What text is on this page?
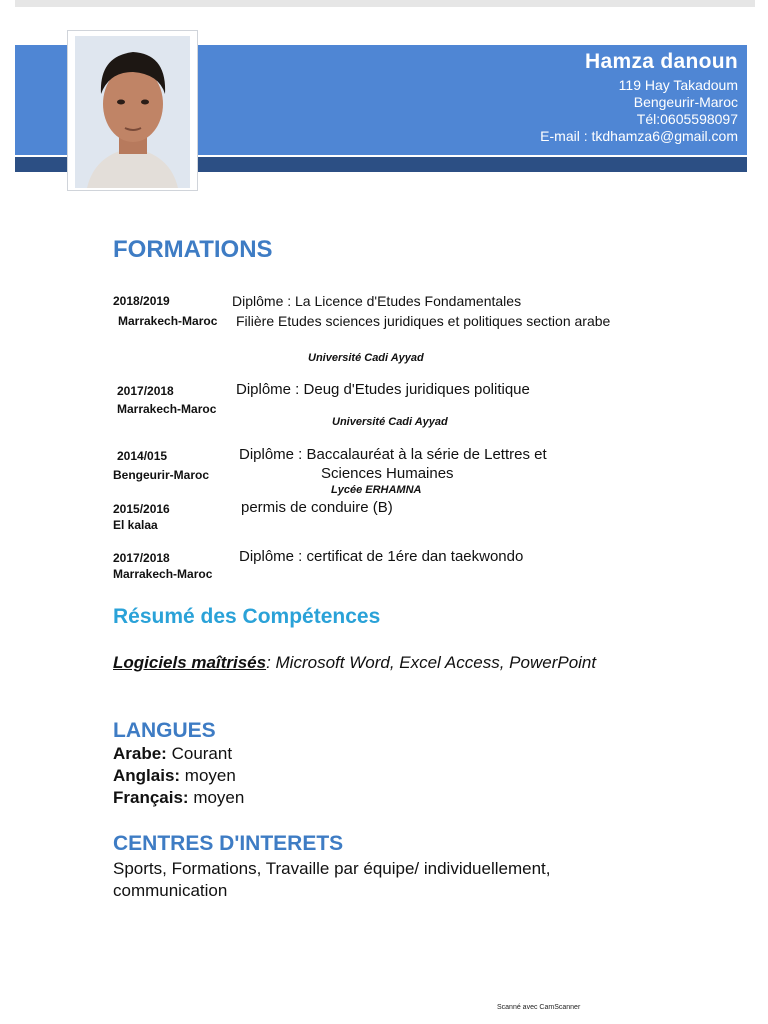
Hamza danoun
119 Hay Takadoum
Bengeurir-Maroc
Tél:0605598097
E-mail : tkdhamza6@gmail.com
FORMATIONS
2018/2019	Diplôme : La Licence d'Etudes Fondamentales
Marrakech-Maroc Filière Etudes sciences juridiques et politiques section arabe
Université Cadi Ayyad
2017/2018	Diplôme : Deug d'Etudes juridiques politique
Marrakech-Maroc
Université Cadi Ayyad
2014/015	Diplôme : Baccalauréat à la série de Lettres et
Bengeurir-Maroc	Sciences Humaines
Lycée ERHAMNA
2015/2016	permis de conduire (B)
El kalaa
2017/2018	Diplôme : certificat de 1ére dan taekwondo
Marrakech-Maroc
Résumé des Compétences
Logiciels maîtrisés: Microsoft Word, Excel Access, PowerPoint
LANGUES
Arabe: Courant
Anglais: moyen
Français: moyen
CENTRES D'INTERETS
Sports, Formations, Travaille par équipe/ individuellement, communication
Scanné avec CamScanner
